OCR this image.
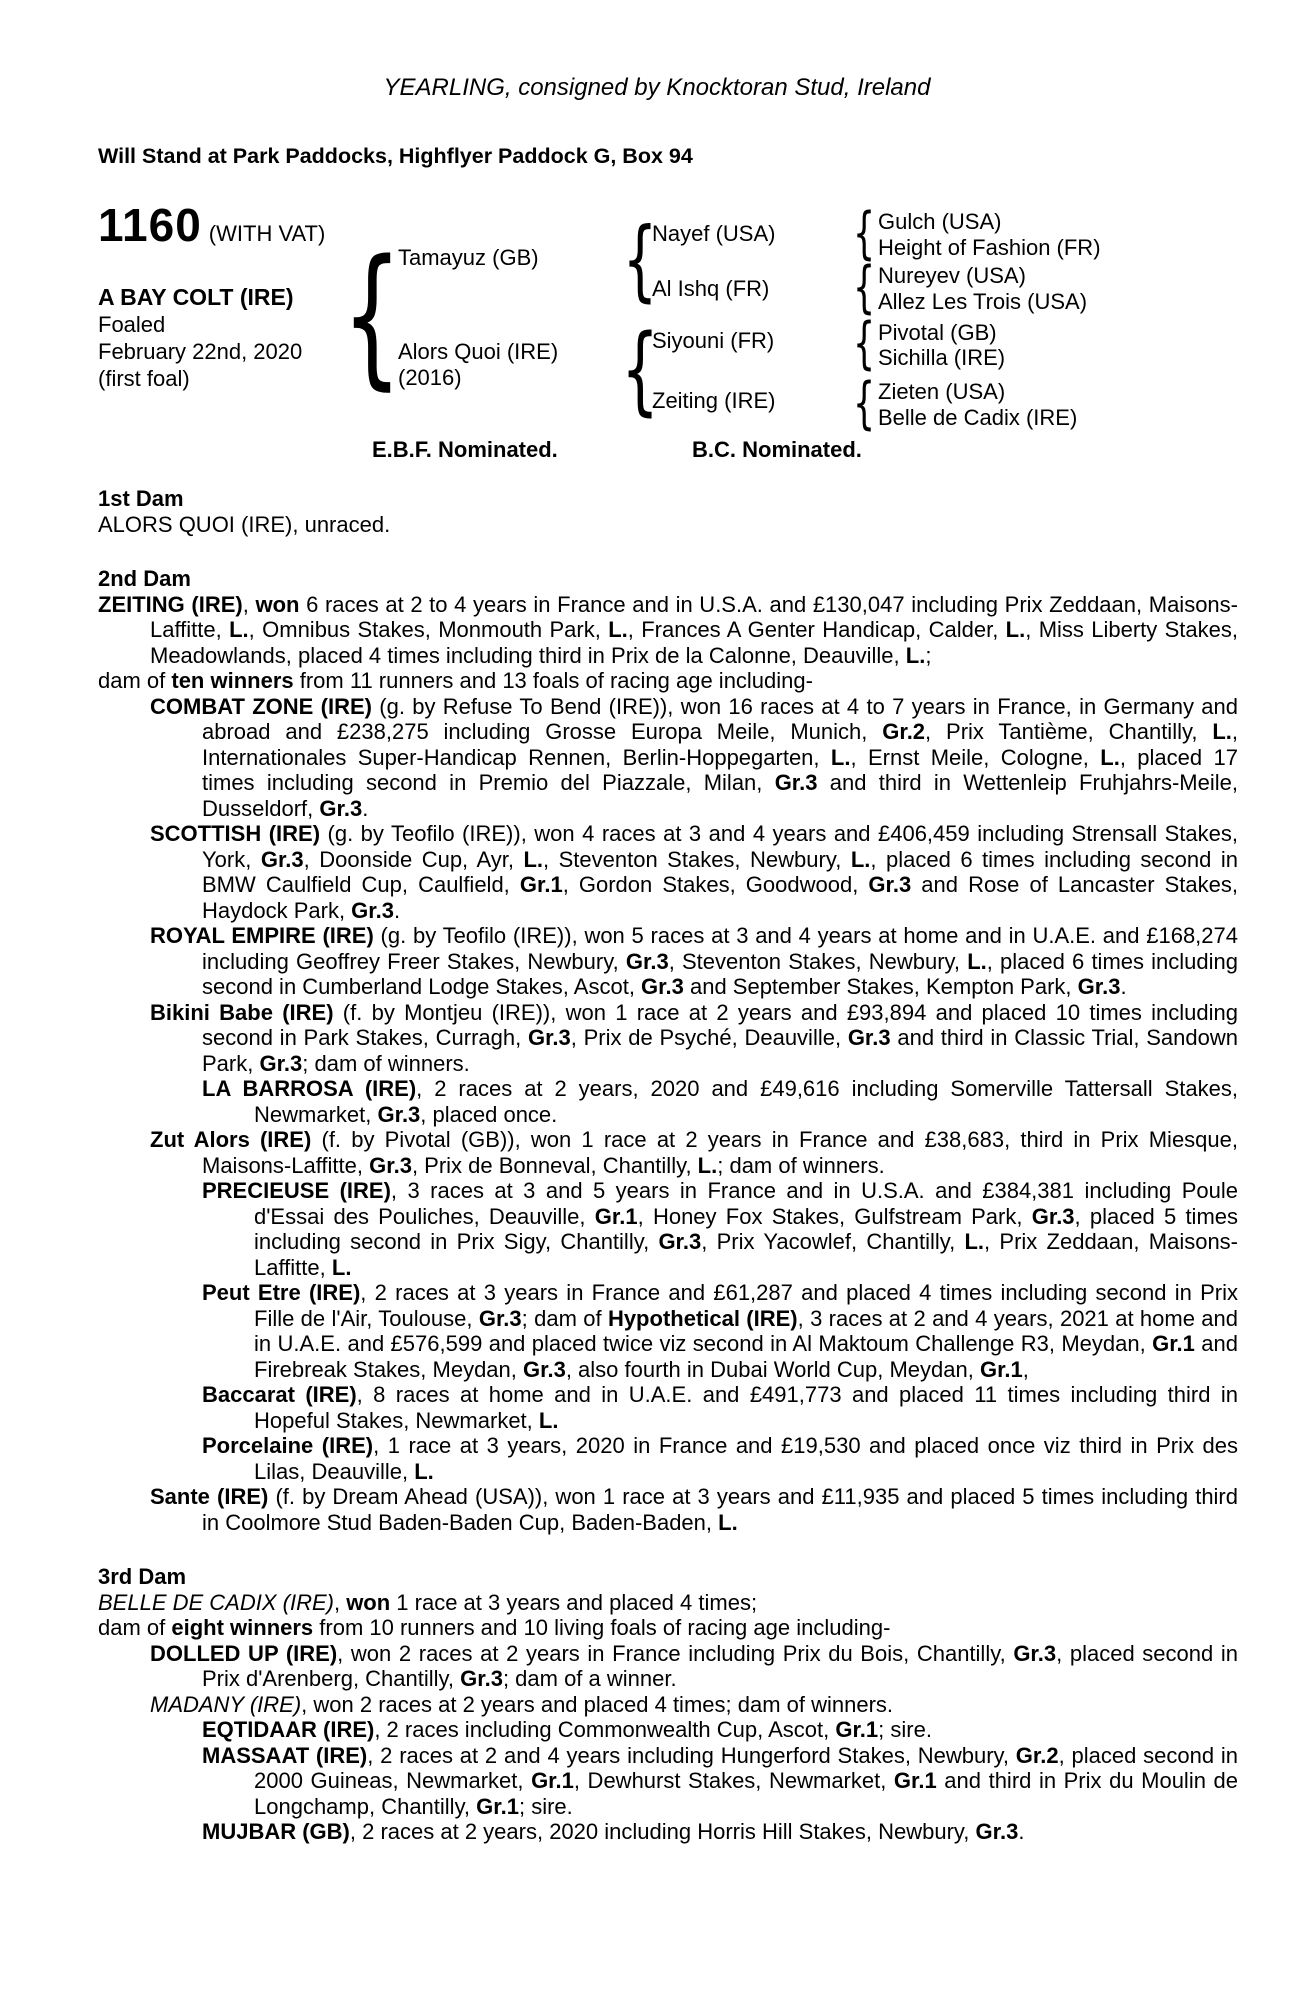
YEARLING, consigned by Knocktoran Stud, Ireland
Will Stand at Park Paddocks, Highflyer Paddock G, Box 94
1160 (WITH VAT)
A BAY COLT (IRE)
Foaled
February 22nd, 2020
(first foal)
{
{
{
{
{
{
{
Tamayuz (GB)
Alors Quoi (IRE)
(2016)
Nayef (USA)
Al Ishq (FR)
Siyouni (FR)
Zeiting (IRE)
Gulch (USA)
Height of Fashion (FR)
Nureyev (USA)
Allez Les Trois (USA)
Pivotal (GB)
Sichilla (IRE)
Zieten (USA)
Belle de Cadix (IRE)
E.B.F. Nominated.	B.C. Nominated.
1st Dam
ALORS QUOI (IRE), unraced.
2nd Dam
ZEITING (IRE), won 6 races at 2 to 4 years in France and in U.S.A. and £130,047 including Prix Zeddaan, Maisons-Laffitte, L., Omnibus Stakes, Monmouth Park, L., Frances A Genter Handicap, Calder, L., Miss Liberty Stakes, Meadowlands, placed 4 times including third in Prix de la Calonne, Deauville, L.;
dam of ten winners from 11 runners and 13 foals of racing age including-
COMBAT ZONE (IRE) (g. by Refuse To Bend (IRE)), won 16 races at 4 to 7 years in France, in Germany and abroad and £238,275 including Grosse Europa Meile, Munich, Gr.2, Prix Tantième, Chantilly, L., Internationales Super-Handicap Rennen, Berlin-Hoppegarten, L., Ernst Meile, Cologne, L., placed 17 times including second in Premio del Piazzale, Milan, Gr.3 and third in Wettenleip Fruhjahrs-Meile, Dusseldorf, Gr.3.
SCOTTISH (IRE) (g. by Teofilo (IRE)), won 4 races at 3 and 4 years and £406,459 including Strensall Stakes, York, Gr.3, Doonside Cup, Ayr, L., Steventon Stakes, Newbury, L., placed 6 times including second in BMW Caulfield Cup, Caulfield, Gr.1, Gordon Stakes, Goodwood, Gr.3 and Rose of Lancaster Stakes, Haydock Park, Gr.3.
ROYAL EMPIRE (IRE) (g. by Teofilo (IRE)), won 5 races at 3 and 4 years at home and in U.A.E. and £168,274 including Geoffrey Freer Stakes, Newbury, Gr.3, Steventon Stakes, Newbury, L., placed 6 times including second in Cumberland Lodge Stakes, Ascot, Gr.3 and September Stakes, Kempton Park, Gr.3.
Bikini Babe (IRE) (f. by Montjeu (IRE)), won 1 race at 2 years and £93,894 and placed 10 times including second in Park Stakes, Curragh, Gr.3, Prix de Psyché, Deauville, Gr.3 and third in Classic Trial, Sandown Park, Gr.3; dam of winners.
LA BARROSA (IRE), 2 races at 2 years, 2020 and £49,616 including Somerville Tattersall Stakes, Newmarket, Gr.3, placed once.
Zut Alors (IRE) (f. by Pivotal (GB)), won 1 race at 2 years in France and £38,683, third in Prix Miesque, Maisons-Laffitte, Gr.3, Prix de Bonneval, Chantilly, L.; dam of winners.
PRECIEUSE (IRE), 3 races at 3 and 5 years in France and in U.S.A. and £384,381 including Poule d'Essai des Pouliches, Deauville, Gr.1, Honey Fox Stakes, Gulfstream Park, Gr.3, placed 5 times including second in Prix Sigy, Chantilly, Gr.3, Prix Yacowlef, Chantilly, L., Prix Zeddaan, Maisons-Laffitte, L.
Peut Etre (IRE), 2 races at 3 years in France and £61,287 and placed 4 times including second in Prix Fille de l'Air, Toulouse, Gr.3; dam of Hypothetical (IRE), 3 races at 2 and 4 years, 2021 at home and in U.A.E. and £576,599 and placed twice viz second in Al Maktoum Challenge R3, Meydan, Gr.1 and Firebreak Stakes, Meydan, Gr.3, also fourth in Dubai World Cup, Meydan, Gr.1,
Baccarat (IRE), 8 races at home and in U.A.E. and £491,773 and placed 11 times including third in Hopeful Stakes, Newmarket, L.
Porcelaine (IRE), 1 race at 3 years, 2020 in France and £19,530 and placed once viz third in Prix des Lilas, Deauville, L.
Sante (IRE) (f. by Dream Ahead (USA)), won 1 race at 3 years and £11,935 and placed 5 times including third in Coolmore Stud Baden-Baden Cup, Baden-Baden, L.
3rd Dam
BELLE DE CADIX (IRE), won 1 race at 3 years and placed 4 times;
dam of eight winners from 10 runners and 10 living foals of racing age including-
DOLLED UP (IRE), won 2 races at 2 years in France including Prix du Bois, Chantilly, Gr.3, placed second in Prix d'Arenberg, Chantilly, Gr.3; dam of a winner.
MADANY (IRE), won 2 races at 2 years and placed 4 times; dam of winners.
EQTIDAAR (IRE), 2 races including Commonwealth Cup, Ascot, Gr.1; sire.
MASSAAT (IRE), 2 races at 2 and 4 years including Hungerford Stakes, Newbury, Gr.2, placed second in 2000 Guineas, Newmarket, Gr.1, Dewhurst Stakes, Newmarket, Gr.1 and third in Prix du Moulin de Longchamp, Chantilly, Gr.1; sire.
MUJBAR (GB), 2 races at 2 years, 2020 including Horris Hill Stakes, Newbury, Gr.3.
